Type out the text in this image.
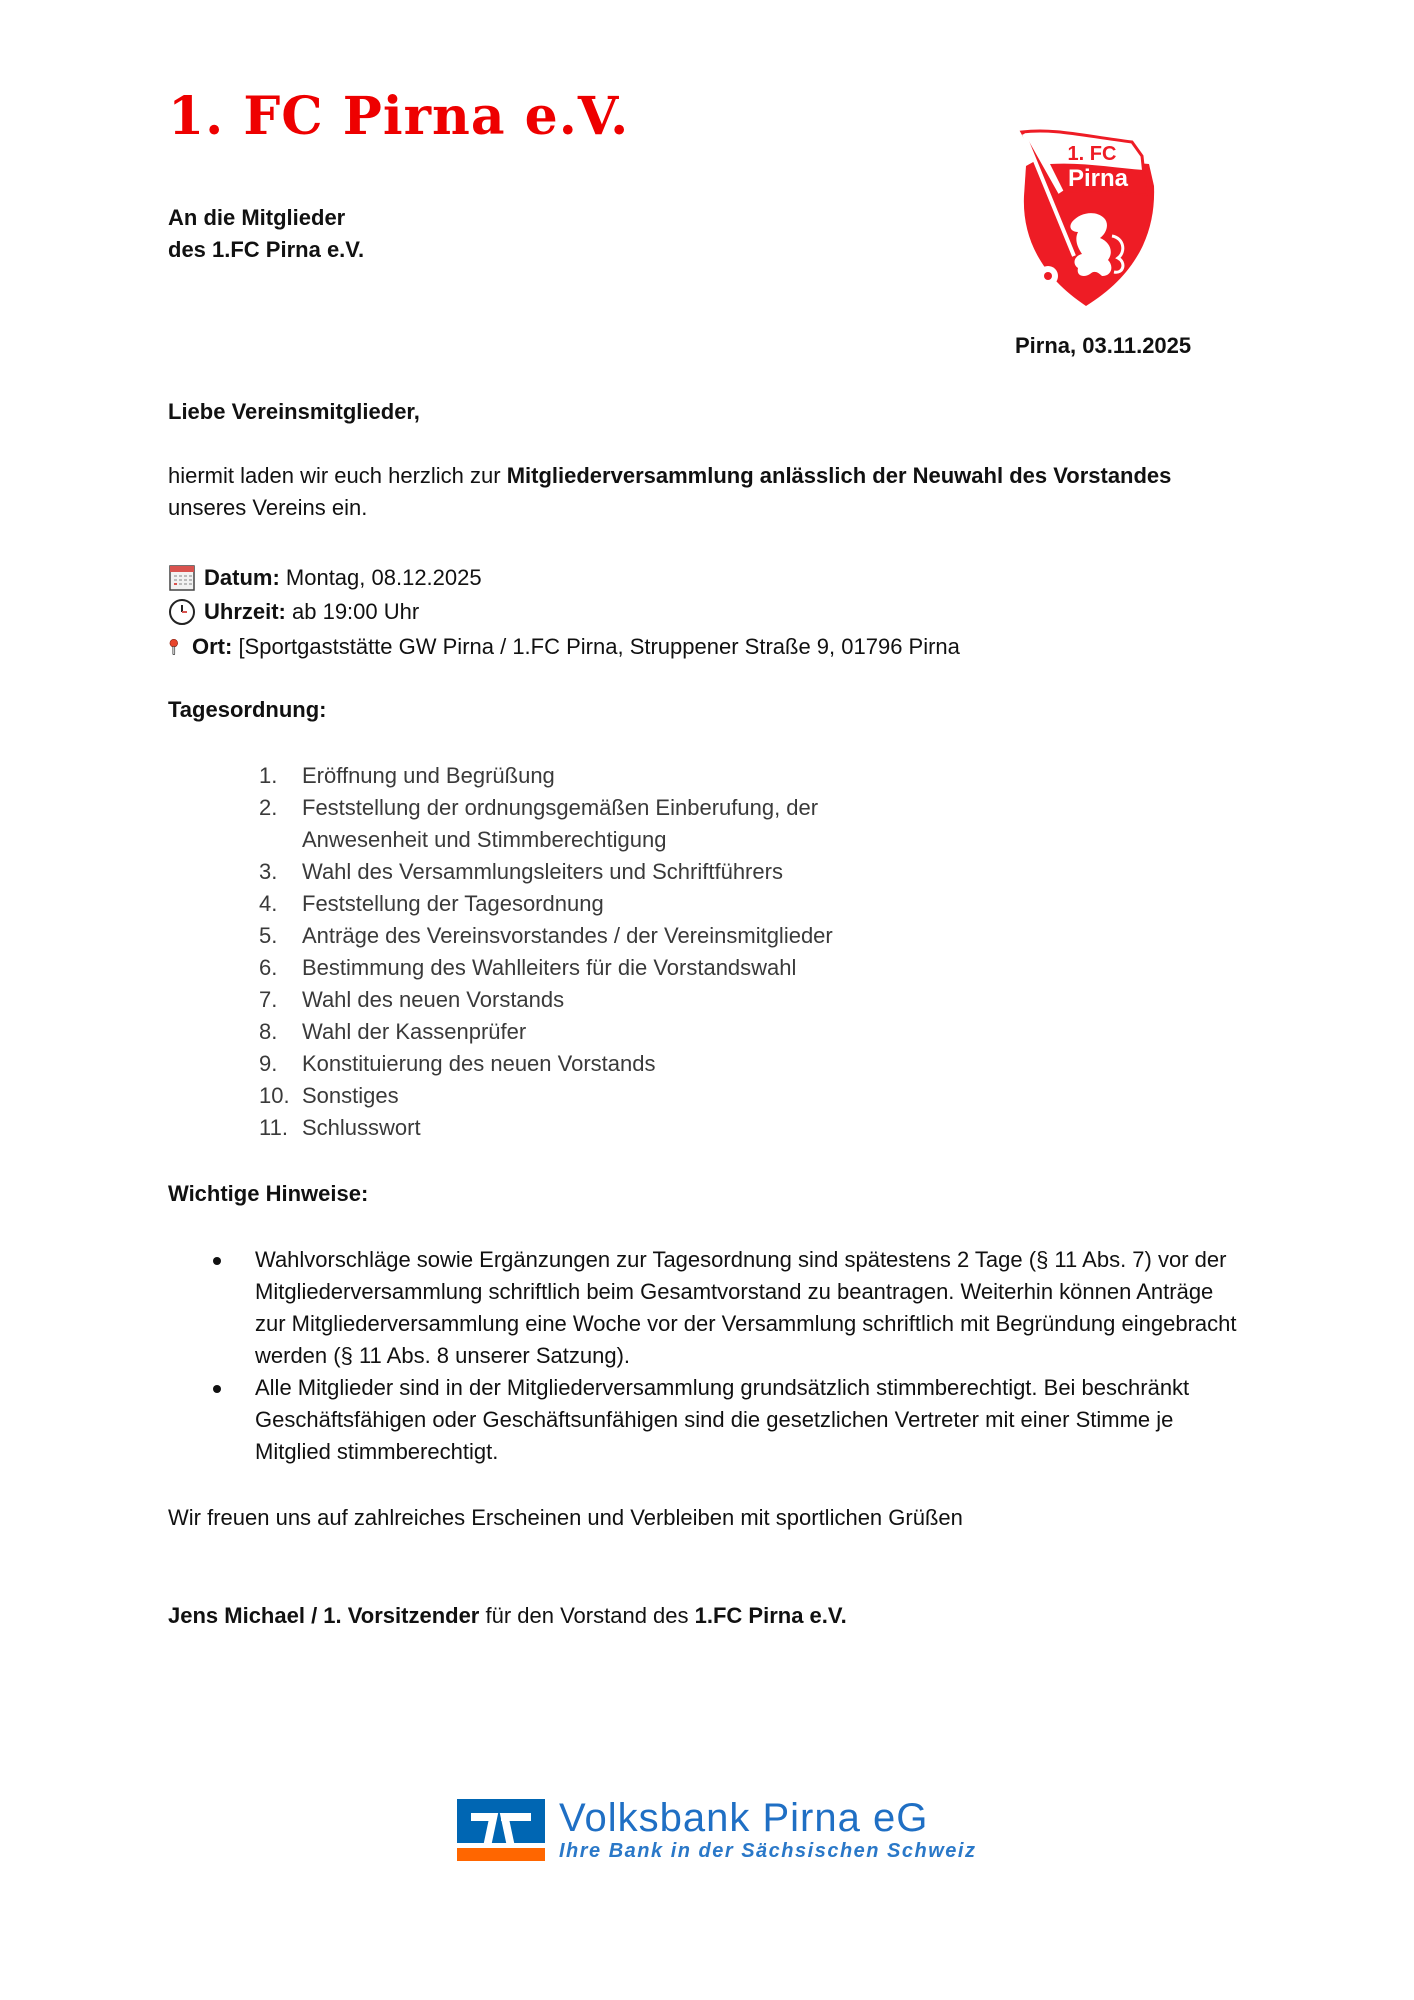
1. FC Pirna e.V.
An die Mitglieder
des 1.FC Pirna e.V.
1. FC
Pirna
Pirna, 03.11.2025
Liebe Vereinsmitglieder,
hiermit laden wir euch herzlich zur Mitgliederversammlung anlässlich der Neuwahl des Vorstandes
unseres Vereins ein.
Datum: Montag, 08.12.2025
Uhrzeit: ab 19:00 Uhr
Ort: [Sportgaststätte GW Pirna / 1.FC Pirna, Struppener Straße 9, 01796 Pirna
Tagesordnung:
1. Eröffnung und Begrüßung
2. Feststellung der ordnungsgemäßen Einberufung, der Anwesenheit und Stimmberechtigung
3. Wahl des Versammlungsleiters und Schriftführers
4. Feststellung der Tagesordnung
5. Anträge des Vereinsvorstandes / der Vereinsmitglieder
6. Bestimmung des Wahlleiters für die Vorstandswahl
7. Wahl des neuen Vorstands
8. Wahl der Kassenprüfer
9. Konstituierung des neuen Vorstands
10. Sonstiges
11. Schlusswort
Wichtige Hinweise:
Wahlvorschläge sowie Ergänzungen zur Tagesordnung sind spätestens 2 Tage (§ 11 Abs. 7) vor der Mitgliederversammlung schriftlich beim Gesamtvorstand zu beantragen. Weiterhin können Anträge zur Mitgliederversammlung eine Woche vor der Versammlung schriftlich mit Begründung eingebracht werden (§ 11 Abs. 8 unserer Satzung).
Alle Mitglieder sind in der Mitgliederversammlung grundsätzlich stimmberechtigt. Bei beschränkt Geschäftsfähigen oder Geschäftsunfähigen sind die gesetzlichen Vertreter mit einer Stimme je Mitglied stimmberechtigt.
Wir freuen uns auf zahlreiches Erscheinen und Verbleiben mit sportlichen Grüßen
Jens Michael / 1. Vorsitzender für den Vorstand des 1.FC Pirna e.V.
Volksbank Pirna eG
Ihre Bank in der Sächsischen Schweiz
